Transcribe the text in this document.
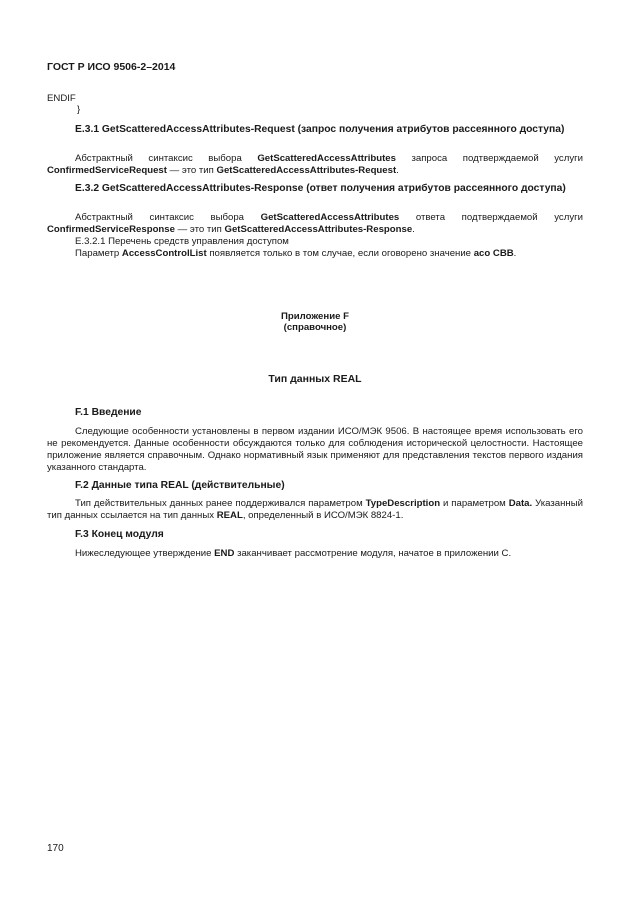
ГОСТ Р ИСО 9506-2–2014
ENDIF
}
Е.3.1 GetScatteredAccessAttributes-Request (запрос получения атрибутов рассеянного доступа)
Абстрактный синтаксис выбора GetScatteredAccessAttributes запроса подтверждаемой услуги ConfirmedServiceRequest — это тип GetScatteredAccessAttributes-Request.
Е.3.2 GetScatteredAccessAttributes-Response (ответ получения атрибутов рассеянного доступа)
Абстрактный синтаксис выбора GetScatteredAccessAttributes ответа подтверждаемой услуги ConfirmedServiceResponse — это тип GetScatteredAccessAttributes-Response.
Е.3.2.1 Перечень средств управления доступом
Параметр AccessControlList появляется только в том случае, если оговорено значение aco CBB.
Приложение F
(справочное)
Тип данных REAL
F.1 Введение
Следующие особенности установлены в первом издании ИСО/МЭК 9506. В настоящее время использовать его не рекомендуется. Данные особенности обсуждаются только для соблюдения исторической целостности. Настоящее приложение является справочным. Однако нормативный язык применяют для представления текстов первого издания указанного стандарта.
F.2 Данные типа REAL (действительные)
Тип действительных данных ранее поддерживался параметром TypeDescription и параметром Data. Указанный тип данных ссылается на тип данных REAL, определенный в ИСО/МЭК 8824-1.
F.3 Конец модуля
Нижеследующее утверждение END заканчивает рассмотрение модуля, начатое в приложении С.
170
